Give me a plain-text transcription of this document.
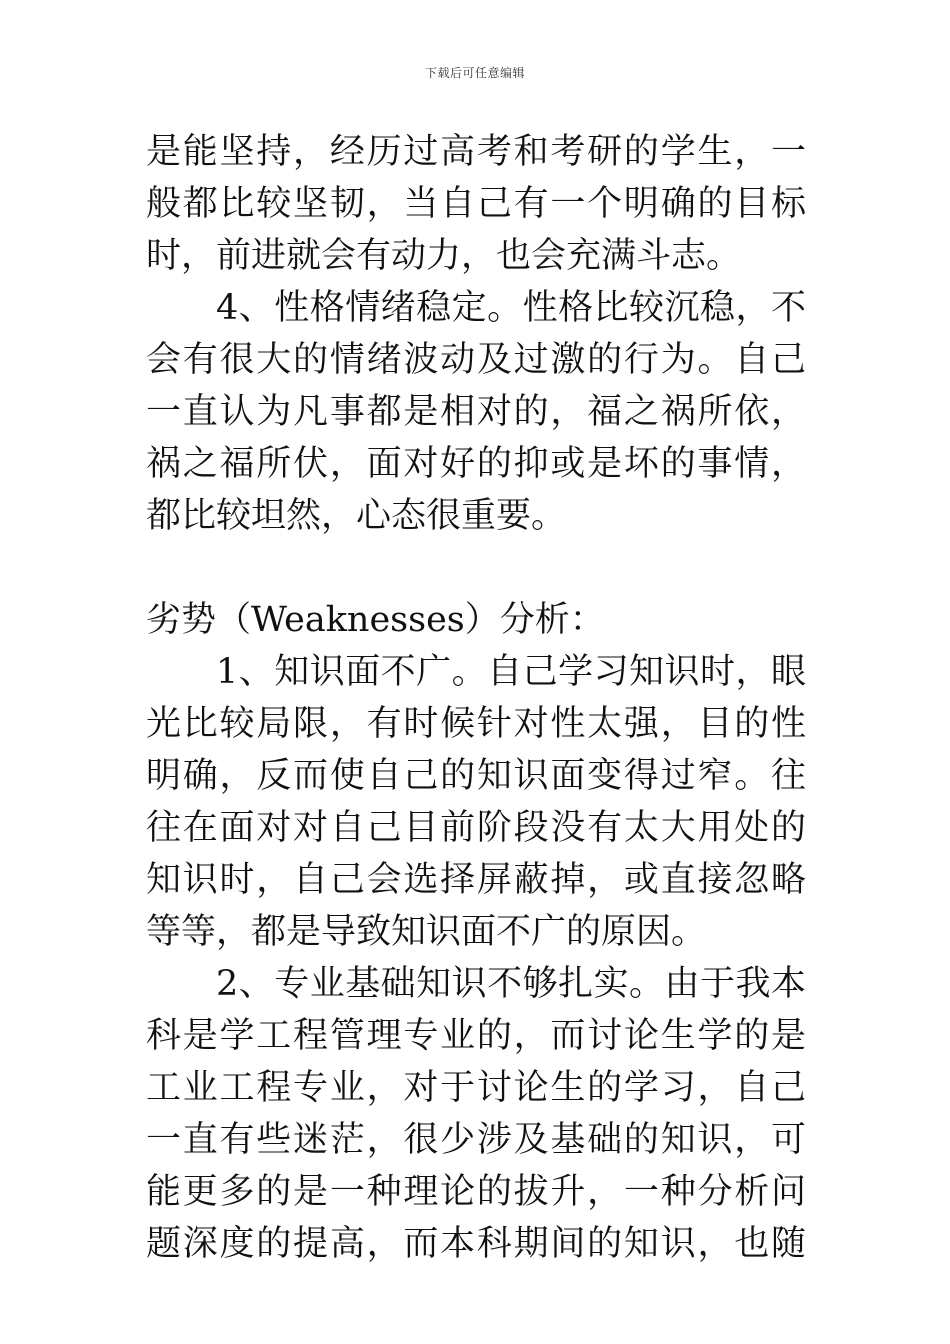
下载后可任意编辑
是能坚持，经历过高考和考研的学生，一
般都比较坚韧，当自己有一个明确的目标
时，前进就会有动力，也会充满斗志。
4、性格情绪稳定。性格比较沉稳，不
会有很大的情绪波动及过激的行为。自己
一直认为凡事都是相对的，福之祸所依，
祸之福所伏，面对好的抑或是坏的事情，
都比较坦然，心态很重要。
劣势（Weaknesses）分析：
1、知识面不广。自己学习知识时，眼
光比较局限，有时候针对性太强，目的性
明确，反而使自己的知识面变得过窄。往
往在面对对自己目前阶段没有太大用处的
知识时，自己会选择屏蔽掉，或直接忽略
等等，都是导致知识面不广的原因。
2、专业基础知识不够扎实。由于我本
科是学工程管理专业的，而讨论生学的是
工业工程专业，对于讨论生的学习，自己
一直有些迷茫，很少涉及基础的知识，可
能更多的是一种理论的拔升，一种分析问
题深度的提高，而本科期间的知识，也随
